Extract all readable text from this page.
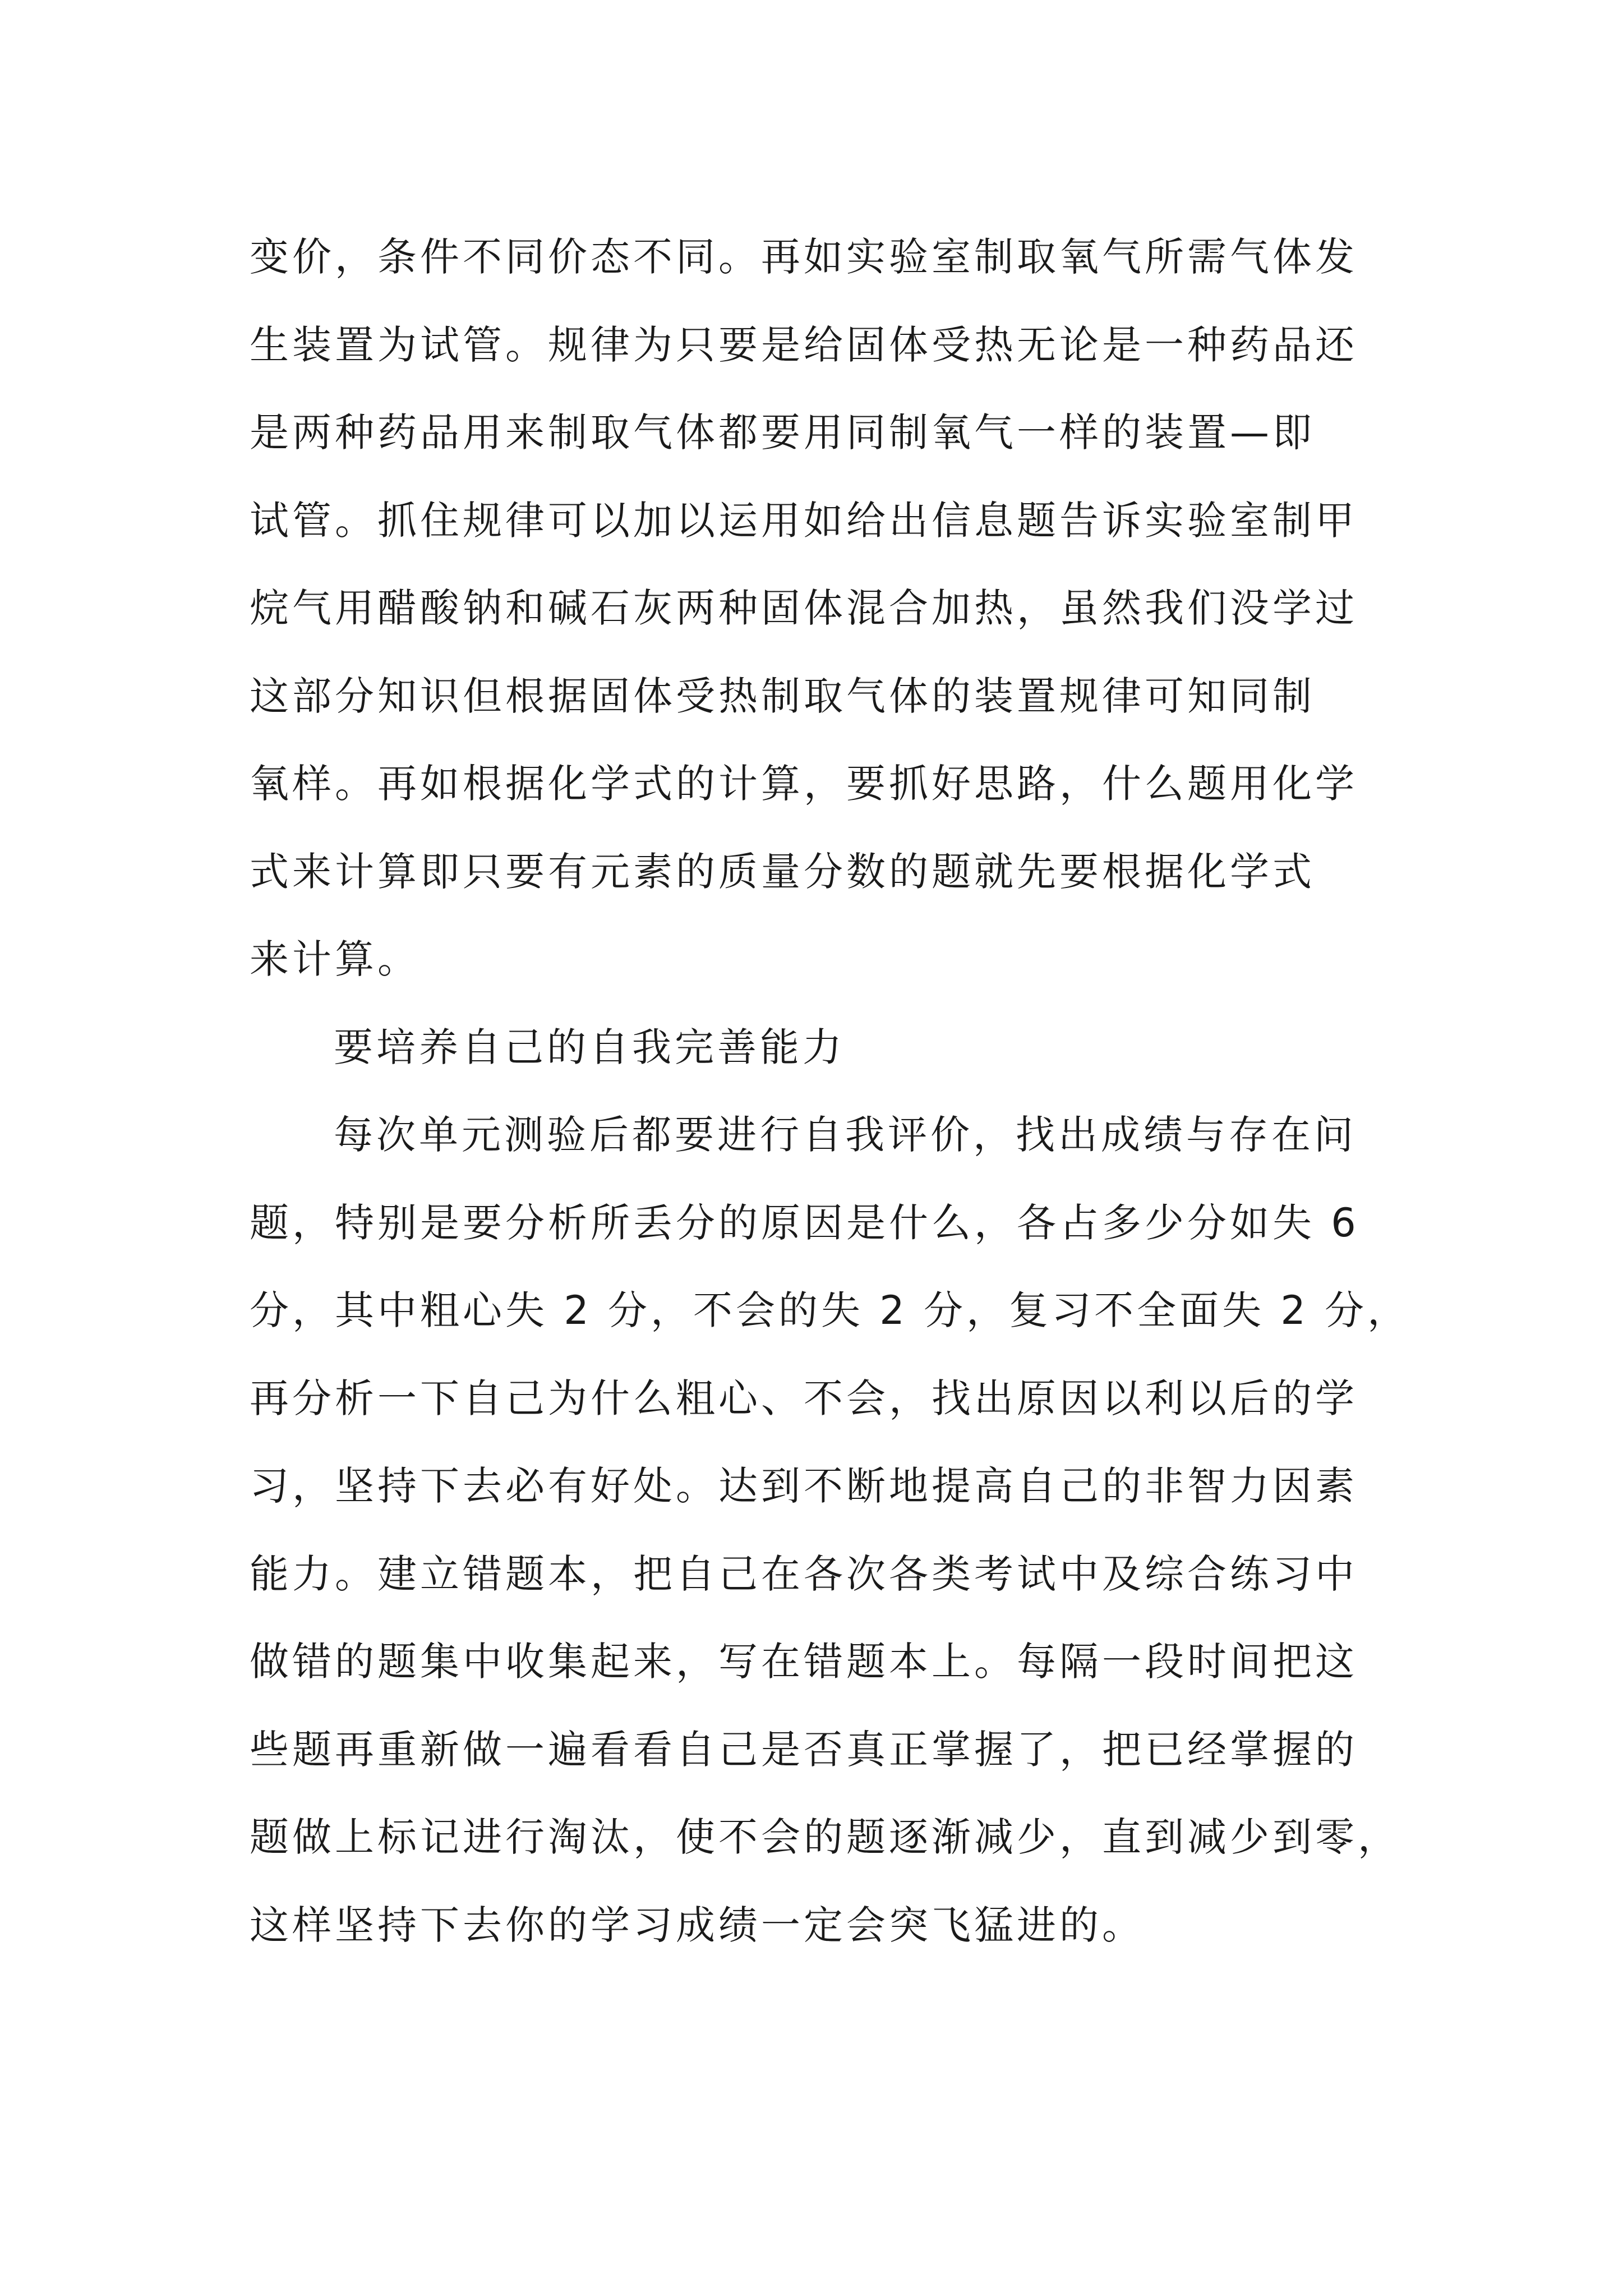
变价，条件不同价态不同。再如实验室制取氧气所需气体发
生装置为试管。规律为只要是给固体受热无论是一种药品还
是两种药品用来制取气体都要用同制氧气一样的装置—即
试管。抓住规律可以加以运用如给出信息题告诉实验室制甲
烷气用醋酸钠和碱石灰两种固体混合加热，虽然我们没学过
这部分知识但根据固体受热制取气体的装置规律可知同制
氧样。再如根据化学式的计算，要抓好思路，什么题用化学
式来计算即只要有元素的质量分数的题就先要根据化学式
来计算。
要培养自己的自我完善能力
每次单元测验后都要进行自我评价，找出成绩与存在问
题，特别是要分析所丢分的原因是什么，各占多少分如失 6
分，其中粗心失 2 分，不会的失 2 分，复习不全面失 2 分，
再分析一下自己为什么粗心、不会，找出原因以利以后的学
习，坚持下去必有好处。达到不断地提高自己的非智力因素
能力。建立错题本，把自己在各次各类考试中及综合练习中
做错的题集中收集起来，写在错题本上。每隔一段时间把这
些题再重新做一遍看看自己是否真正掌握了，把已经掌握的
题做上标记进行淘汰，使不会的题逐渐减少，直到减少到零，
这样坚持下去你的学习成绩一定会突飞猛进的。
